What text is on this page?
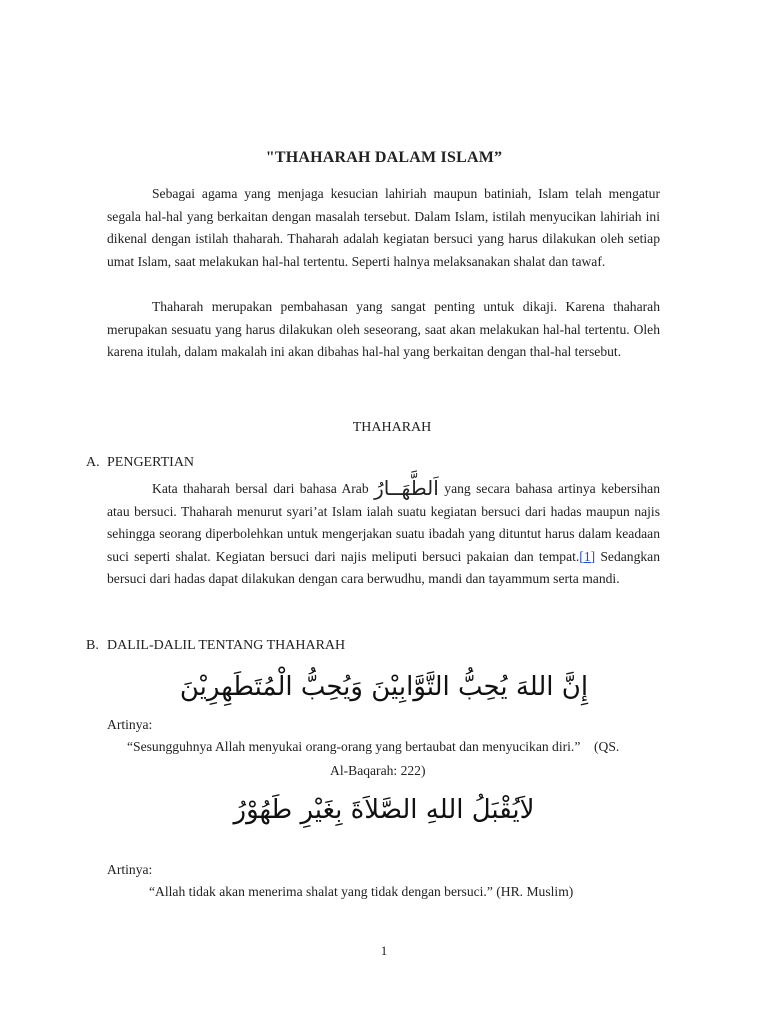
"THAHARAH DALAM ISLAM”

Sebagai agama yang menjaga kesucian lahiriah maupun batiniah, Islam telah mengatur segala hal-hal yang berkaitan dengan masalah tersebut. Dalam Islam, istilah menyucikan lahiriah ini dikenal dengan istilah thaharah. Thaharah adalah kegiatan bersuci yang harus dilakukan oleh setiap umat Islam, saat melakukan hal-hal tertentu. Seperti halnya melaksanakan shalat dan tawaf.

Thaharah merupakan pembahasan yang sangat penting untuk dikaji. Karena thaharah merupakan sesuatu yang harus dilakukan oleh seseorang, saat akan melakukan hal-hal tertentu. Oleh karena itulah, dalam makalah ini akan dibahas hal-hal yang berkaitan dengan thal-hal tersebut.

THAHARAH
A. PENGERTIAN

Kata thaharah bersal dari bahasa Arab اَلطَّهَــارُ yang secara bahasa artinya kebersihan atau bersuci. Thaharah menurut syari’at Islam ialah suatu kegiatan bersuci dari hadas maupun najis sehingga seorang diperbolehkan untuk mengerjakan suatu ibadah yang dituntut harus dalam keadaan suci seperti shalat. Kegiatan bersuci dari najis meliputi bersuci pakaian dan tempat.[1] Sedangkan bersuci dari hadas dapat dilakukan dengan cara berwudhu, mandi dan tayammum serta mandi.

B. DALIL-DALIL TENTANG THAHARAH
إِنَّ اللهَ يُحِبُّ التَّوَّابِيْنَ وَيُحِبُّ الْمُتَطَهِرِيْنَ

Artinya:

“Sesungguhnya Allah menyukai orang-orang yang bertaubat dan menyucikan diri.” (QS.

Al-Baqarah: 222)

لاَيُقْبَلُ اللهِ الصَّلاَةَ بِغَيْرِ طَهُوْرُ

Artinya:

“Allah tidak akan menerima shalat yang tidak dengan bersuci.” (HR. Muslim)

1
